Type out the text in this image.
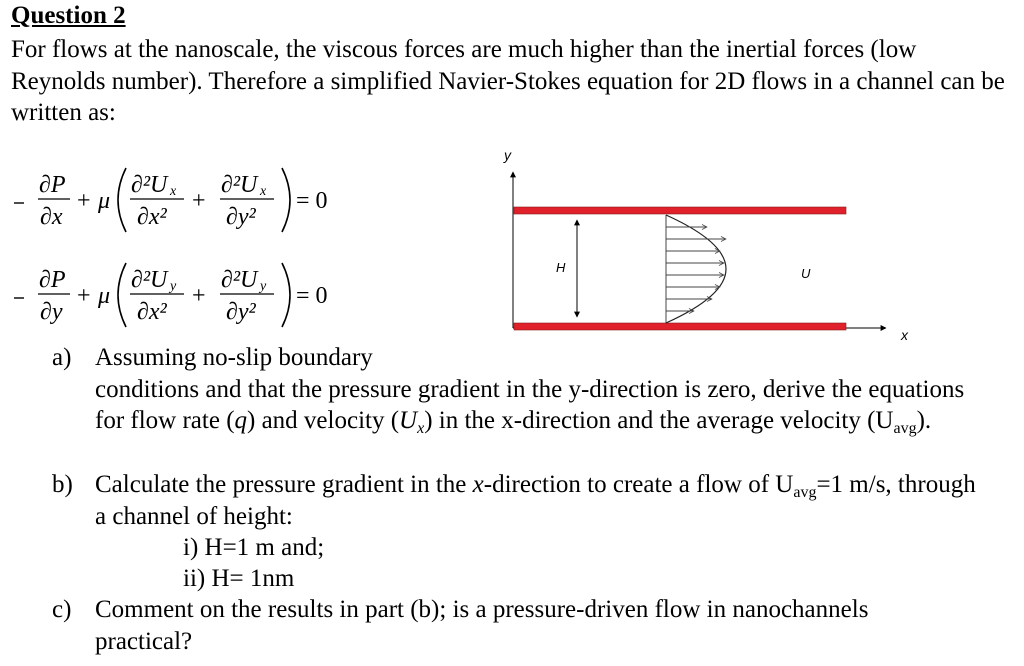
Question 2
For flows at the nanoscale, the viscous forces are much higher than the inertial forces (low Reynolds number). Therefore a simplified Navier-Stokes equation for 2D flows in a channel can be written as:
∂P
∂x
+ μ
∂²U x
∂x²
+
∂²U x
∂y²
= 0
∂P
∂y
+ μ
∂²U y
∂x²
+
∂²U y
∂y²
= 0
y
x
H	U
a) Assuming no-slip boundary
conditions and that the pressure gradient in the y-direction is zero, derive the equations for flow rate (q) and velocity $(U_x)$ in the x-direction and the average velocity $(U_{avg})$.
b) Calculate the pressure gradient in the x-direction to create a flow of $U_{avg}=1$ m/s, through a channel of height:
i) H=1 m and;
ii) H= 1nm
c) Comment on the results in part (b); is a pressure-driven flow in nanochannels practical?
